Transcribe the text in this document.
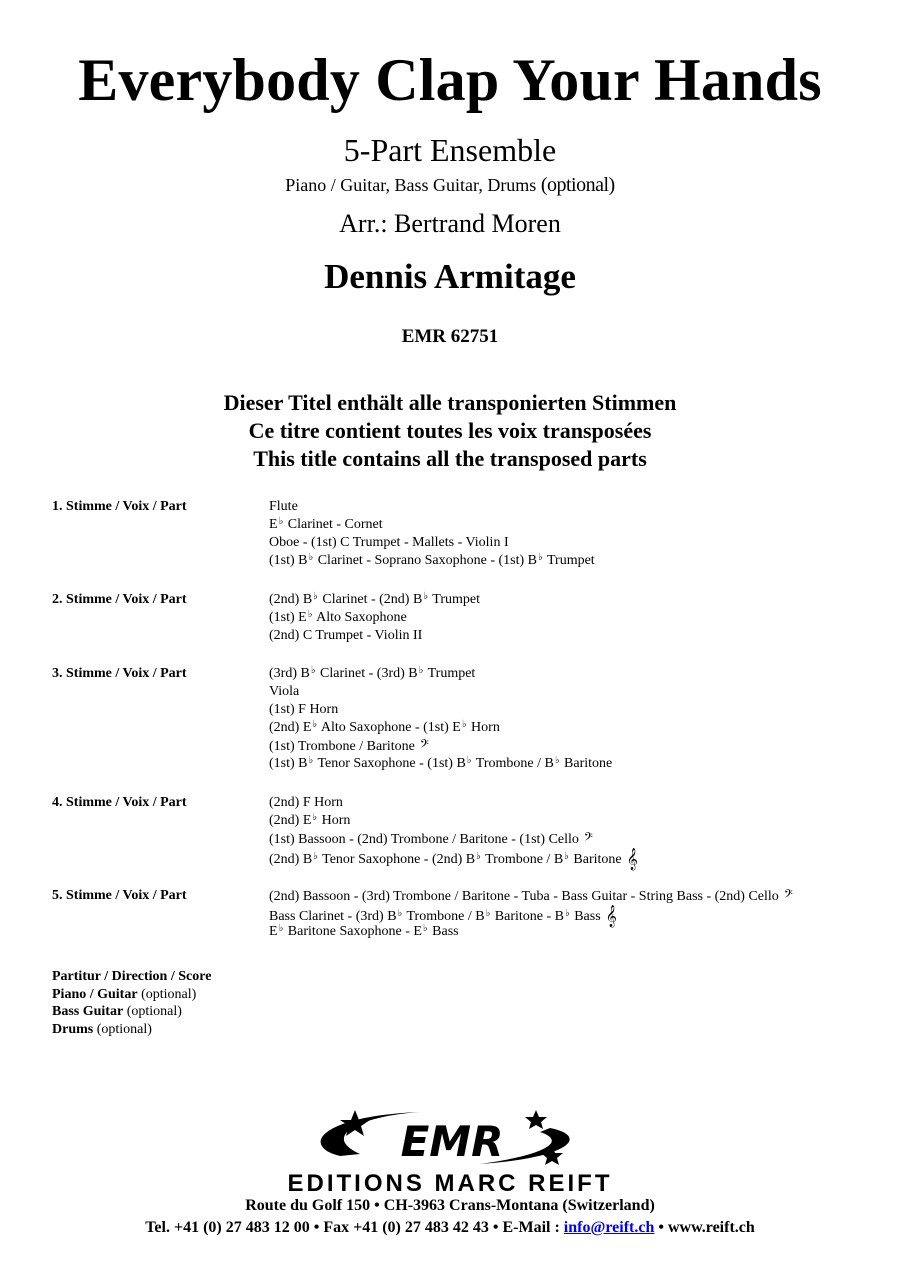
Everybody Clap Your Hands
5-Part Ensemble
Piano / Guitar, Bass Guitar, Drums (optional)
Arr.: Bertrand Moren
Dennis Armitage
EMR 62751
Dieser Titel enthält alle transponierten Stimmen
Ce titre contient toutes les voix transposées
This title contains all the transposed parts
1. Stimme / Voix / Part	Flute
E♭ Clarinet - Cornet
Oboe - (1st) C Trumpet - Mallets - Violin I
(1st) B♭ Clarinet - Soprano Saxophone - (1st) B♭ Trumpet
2. Stimme / Voix / Part	(2nd) B♭ Clarinet - (2nd) B♭ Trumpet
(1st) E♭ Alto Saxophone
(2nd) C Trumpet - Violin II
3. Stimme / Voix / Part	(3rd) B♭ Clarinet - (3rd) B♭ Trumpet
Viola
(1st) F Horn
(2nd) E♭ Alto Saxophone - (1st) E♭ Horn
(1st) Trombone / Baritone 𝄢
(1st) B♭ Tenor Saxophone - (1st) B♭ Trombone / B♭ Baritone
4. Stimme / Voix / Part	(2nd) F Horn
(2nd) E♭ Horn
(1st) Bassoon - (2nd) Trombone / Baritone - (1st) Cello 𝄢
(2nd) B♭ Tenor Saxophone - (2nd) B♭ Trombone / B♭ Baritone 𝄞
5. Stimme / Voix / Part	(2nd) Bassoon - (3rd) Trombone / Baritone - Tuba - Bass Guitar - String Bass - (2nd) Cello 𝄢
Bass Clarinet - (3rd) B♭ Trombone / B♭ Baritone - B♭ Bass 𝄞
E♭ Baritone Saxophone - E♭ Bass
Partitur / Direction / Score
Piano / Guitar (optional)
Bass Guitar (optional)
Drums (optional)
EMR
EDITIONS MARC REIFT
Route du Golf 150 • CH-3963 Crans-Montana (Switzerland)
Tel. +41 (0) 27 483 12 00 • Fax +41 (0) 27 483 42 43 • E-Mail : info@reift.ch • www.reift.ch
